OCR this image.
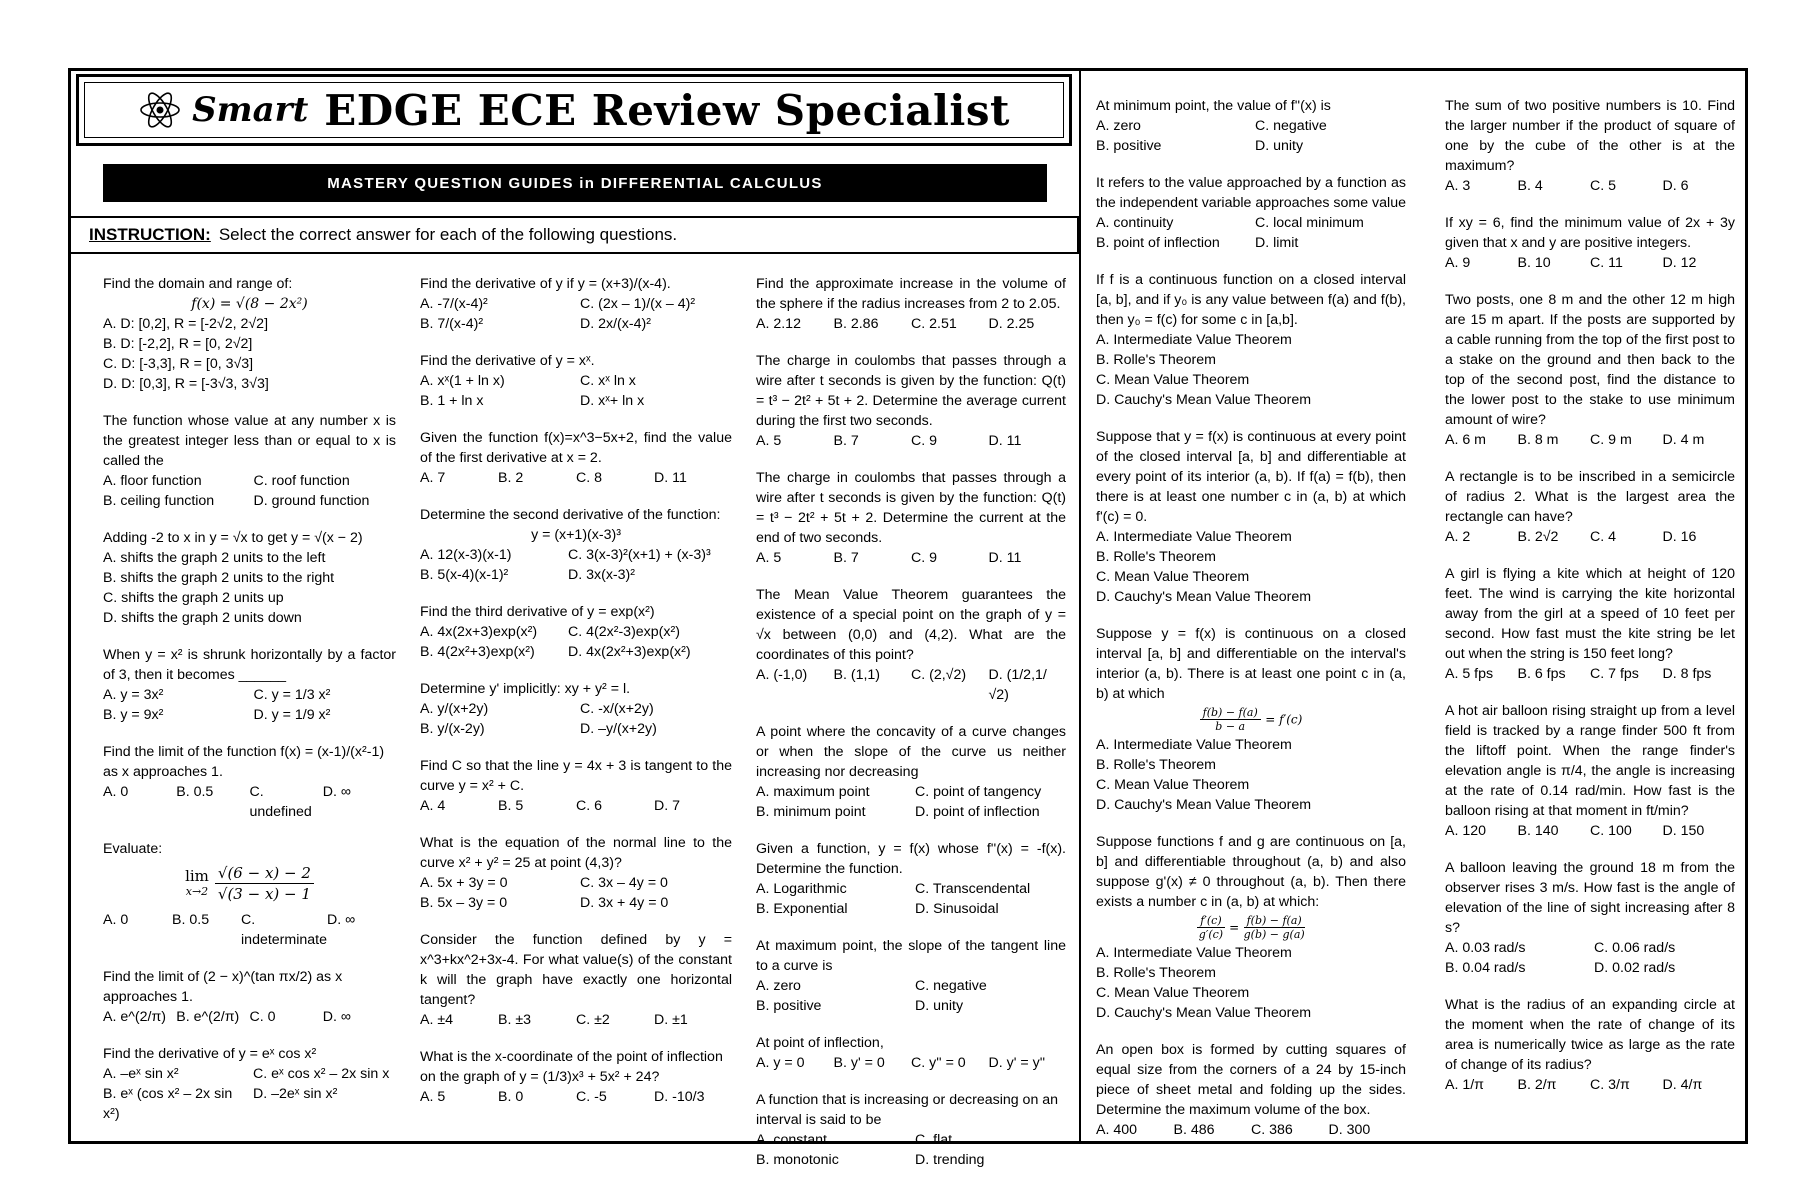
Smart EDGE ECE Review Specialist
MASTERY QUESTION GUIDES in DIFFERENTIAL CALCULUS
INSTRUCTION: Select the correct answer for each of the following questions.

Find the domain and range of:

f(x) = √(8 − 2x²)

A. D: [0,2], R = [-2√2, 2√2]

B. D: [-2,2], R = [0, 2√2]

C. D: [-3,3], R = [0, 3√3]

D. D: [0,3], R = [-3√3, 3√3]

The function whose value at any number x is the greatest integer less than or equal to x is called the

A. floor function	C. roof function
B. ceiling function	D. ground function

Adding -2 to x in y = √x to get y = √(x − 2)

A. shifts the graph 2 units to the left

B. shifts the graph 2 units to the right

C. shifts the graph 2 units up

D. shifts the graph 2 units down

When y = x² is shrunk horizontally by a factor of 3, then it becomes ______

A. y = 3x²	C. y = 1/3 x²
B. y = 9x²	D. y = 1/9 x²

Find the limit of the function f(x) = (x-1)/(x²-1) as x approaches 1.

A. 0	B. 0.5	C. undefined
D. ∞

Evaluate:

lim
$x\to 2 \frac{√(6 - x) - 2}{√(3 - x) - 1}$
A. 0	B. 0.5	C. indeterminate
D. ∞

Find the limit of (2 − x)^(tan πx/2) as x approaches 1.

A. e^(2/π) B. e^(2/π) C. 0	D. ∞

Find the derivative of y = eˣ cos x²

A. –eˣ sin x²	C. eˣ cos x² – 2x sin x
B. eˣ (cos x² – 2x sin x²)
D. –2eˣ sin x²

Find the derivative of y if y = (x+3)/(x-4).

A. -7/(x-4)²	C. (2x – 1)/(x – 4)²
B. 7/(x-4)²	D. 2x/(x-4)²

Find the derivative of y = xˣ.

A. xˣ(1 + ln x)	C. xˣ ln x
B. 1 + ln x	D. xˣ+ ln x

Given the function f(x)=x^3−5x+2, find the value of the first derivative at x = 2.

A. 7	B. 2	C. 8	D. 11

Determine the second derivative of the function:

y = (x+1)(x-3)³

A. 12(x-3)(x-1)	C. 3(x-3)²(x+1) + (x-3)³
B. 5(x-4)(x-1)²	D. 3x(x-3)²

Find the third derivative of y = exp(x²)

A. 4x(2x+3)exp(x²)	C. 4(2x²-3)exp(x²)
B. 4(2x²+3)exp(x²)	D. 4x(2x²+3)exp(x²)

Determine y' implicitly: xy + y² = l.

A. y/(x+2y)	C. -x/(x+2y)
B. y/(x-2y)	D. –y/(x+2y)

Find C so that the line y = 4x + 3 is tangent to the curve y = x² + C.

A. 4	B. 5	C. 6	D. 7

What is the equation of the normal line to the curve x² + y² = 25 at point (4,3)?

A. 5x + 3y = 0	C. 3x – 4y = 0
B. 5x – 3y = 0	D. 3x + 4y = 0

Consider the function defined by y = x^3+kx^2+3x-4. For what value(s) of the constant k will the graph have exactly one horizontal tangent?

A. ±4	B. ±3	C. ±2	D. ±1

What is the x-coordinate of the point of inflection on the graph of y = (1/3)x³ + 5x² + 24?

A. 5	B. 0	C. -5	D. -10/3

Find the approximate increase in the volume of the sphere if the radius increases from 2 to 2.05.

A. 2.12	B. 2.86	C. 2.51	D. 2.25

The charge in coulombs that passes through a wire after t seconds is given by the function: Q(t) = t³ − 2t² + 5t + 2. Determine the average current during the first two seconds.

A. 5	B. 7	C. 9	D. 11

The charge in coulombs that passes through a wire after t seconds is given by the function: Q(t) = t³ − 2t² + 5t + 2. Determine the current at the end of two seconds.

A. 5	B. 7	C. 9	D. 11

The Mean Value Theorem guarantees the existence of a special point on the graph of y = √x between (0,0) and (4,2). What are the coordinates of this point?

A. (-1,0)	B. (1,1)	C. (2,√2)	D. (1/2,1/√2)

A point where the concavity of a curve changes or when the slope of the curve us neither increasing nor decreasing

A. maximum point	C. point of tangency
B. minimum point	D. point of inflection

Given a function, y = f(x) whose f''(x) = -f(x). Determine the function.

A. Logarithmic	C. Transcendental
B. Exponential	D. Sinusoidal

At maximum point, the slope of the tangent line to a curve is

A. zero	C. negative
B. positive	D. unity

At point of inflection,

A. y = 0	B. y' = 0	C. y'' = 0	D. y' = y''

A function that is increasing or decreasing on an interval is said to be

A. constant	C. flat
B. monotonic	D. trending

At minimum point, the value of f''(x) is

A. zero	C. negative
B. positive	D. unity

It refers to the value approached by a function as the independent variable approaches some value

A. continuity	C. local minimum
B. point of inflection	D. limit

If f is a continuous function on a closed interval [a, b], and if y₀ is any value between f(a) and f(b), then y₀ = f(c) for some c in [a,b].

A. Intermediate Value Theorem

B. Rolle's Theorem

C. Mean Value Theorem

D. Cauchy's Mean Value Theorem

Suppose that y = f(x) is continuous at every point of the closed interval [a, b] and differentiable at every point of its interior (a, b). If f(a) = f(b), then there is at least one number c in (a, b) at which f'(c) = 0.

A. Intermediate Value Theorem

B. Rolle's Theorem

C. Mean Value Theorem

D. Cauchy's Mean Value Theorem

Suppose y = f(x) is continuous on a closed interval [a, b] and differentiable on the interval's interior (a, b). There is at least one point c in (a, b) at which

$\frac{f(b) - f(a)}{b - a} = f'(c)$

A. Intermediate Value Theorem

B. Rolle's Theorem

C. Mean Value Theorem

D. Cauchy's Mean Value Theorem

Suppose functions f and g are continuous on [a, b] and differentiable throughout (a, b) and also suppose g'(x) ≠ 0 throughout (a, b). Then there exists a number c in (a, b) at which:

$\frac{f'(c)}{g'(c)} = \frac{f(b) - f(a)}{g(b) - g(a)}$

A. Intermediate Value Theorem

B. Rolle's Theorem

C. Mean Value Theorem

D. Cauchy's Mean Value Theorem

An open box is formed by cutting squares of equal size from the corners of a 24 by 15-inch piece of sheet metal and folding up the sides. Determine the maximum volume of the box.

A. 400	B. 486	C. 386	D. 300

The sum of two positive numbers is 10. Find the larger number if the product of square of one by the cube of the other is at the maximum?

A. 3	B. 4	C. 5	D. 6

If xy = 6, find the minimum value of 2x + 3y given that x and y are positive integers.

A. 9	B. 10	C. 11	D. 12

Two posts, one 8 m and the other 12 m high are 15 m apart. If the posts are supported by a cable running from the top of the first post to a stake on the ground and then back to the top of the second post, find the distance to the lower post to the stake to use minimum amount of wire?

A. 6 m	B. 8 m	C. 9 m	D. 4 m

A rectangle is to be inscribed in a semicircle of radius 2. What is the largest area the rectangle can have?

A. 2	B. 2√2	C. 4	D. 16

A girl is flying a kite which at height of 120 feet. The wind is carrying the kite horizontal away from the girl at a speed of 10 feet per second. How fast must the kite string be let out when the string is 150 feet long?

A. 5 fps	B. 6 fps	C. 7 fps	D. 8 fps

A hot air balloon rising straight up from a level field is tracked by a range finder 500 ft from the liftoff point. When the range finder's elevation angle is π/4, the angle is increasing at the rate of 0.14 rad/min. How fast is the balloon rising at that moment in ft/min?

A. 120	B. 140	C. 100	D. 150

A balloon leaving the ground 18 m from the observer rises 3 m/s. How fast is the angle of elevation of the line of sight increasing after 8 s?

A. 0.03 rad/s	C. 0.06 rad/s
B. 0.04 rad/s	D. 0.02 rad/s

What is the radius of an expanding circle at the moment when the rate of change of its area is numerically twice as large as the rate of change of its radius?

A. 1/π	B. 2/π	C. 3/π	D. 4/π
